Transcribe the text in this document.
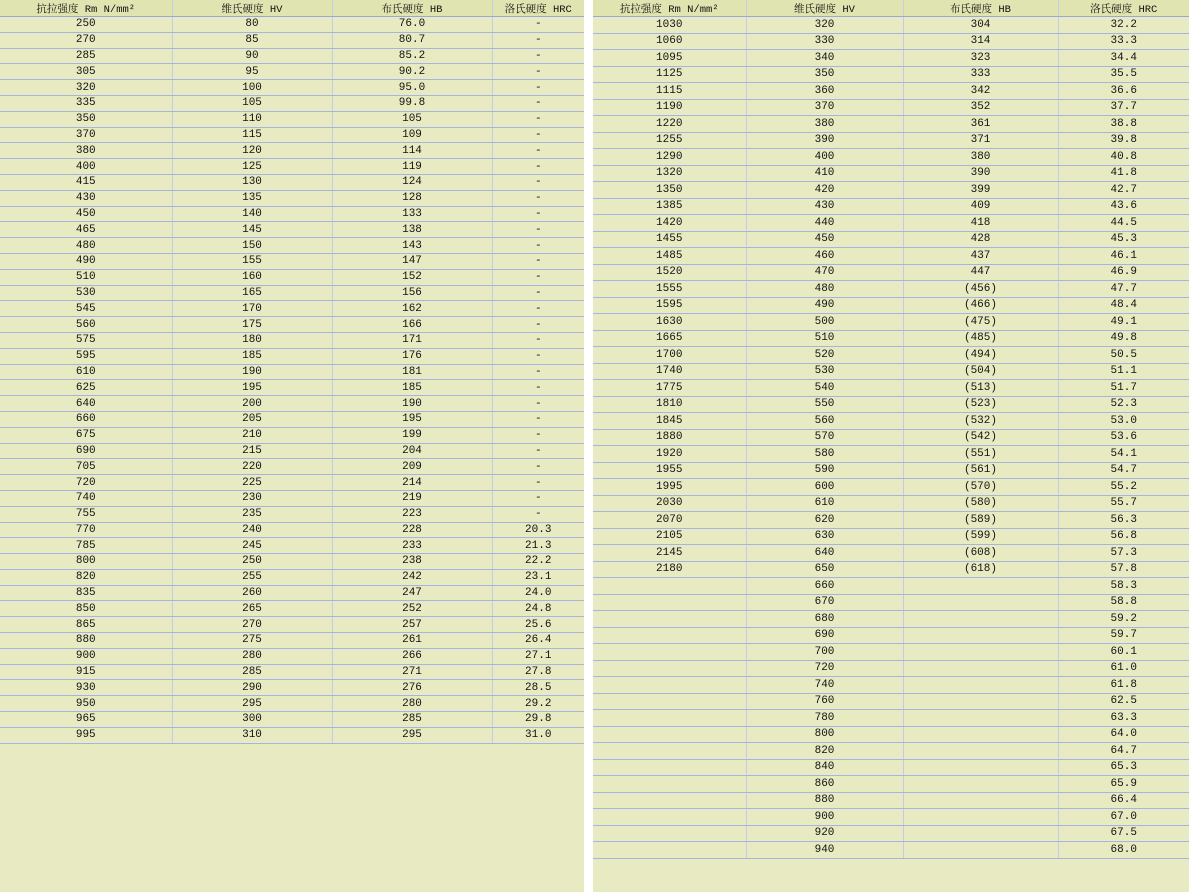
抗拉强度 Rm N/mm²	维氏硬度 HV	布氏硬度 HB	洛氏硬度 HRC
250	80	76.0	-
270	85	80.7	-
285	90	85.2	-
305	95	90.2	-
320	100	95.0	-
335	105	99.8	-
350	110	105	-
370	115	109	-
380	120	114	-
400	125	119	-
415	130	124	-
430	135	128	-
450	140	133	-
465	145	138	-
480	150	143	-
490	155	147	-
510	160	152	-
530	165	156	-
545	170	162	-
560	175	166	-
575	180	171	-
595	185	176	-
610	190	181	-
625	195	185	-
640	200	190	-
660	205	195	-
675	210	199	-
690	215	204	-
705	220	209	-
720	225	214	-
740	230	219	-
755	235	223	-
770	240	228	20.3
785	245	233	21.3
800	250	238	22.2
820	255	242	23.1
835	260	247	24.0
850	265	252	24.8
865	270	257	25.6
880	275	261	26.4
900	280	266	27.1
915	285	271	27.8
930	290	276	28.5
950	295	280	29.2
965	300	285	29.8
995	310	295	31.0
抗拉强度 Rm N/mm²	维氏硬度 HV	布氏硬度 HB	洛氏硬度 HRC
1030	320	304	32.2
1060	330	314	33.3
1095	340	323	34.4
1125	350	333	35.5
1115	360	342	36.6
1190	370	352	37.7
1220	380	361	38.8
1255	390	371	39.8
1290	400	380	40.8
1320	410	390	41.8
1350	420	399	42.7
1385	430	409	43.6
1420	440	418	44.5
1455	450	428	45.3
1485	460	437	46.1
1520	470	447	46.9
1555	480	(456)	47.7
1595	490	(466)	48.4
1630	500	(475)	49.1
1665	510	(485)	49.8
1700	520	(494)	50.5
1740	530	(504)	51.1
1775	540	(513)	51.7
1810	550	(523)	52.3
1845	560	(532)	53.0
1880	570	(542)	53.6
1920	580	(551)	54.1
1955	590	(561)	54.7
1995	600	(570)	55.2
2030	610	(580)	55.7
2070	620	(589)	56.3
2105	630	(599)	56.8
2145	640	(608)	57.3
2180	650	(618)	57.8
	660		58.3
	670		58.8
	680		59.2
	690		59.7
	700		60.1
	720		61.0
	740		61.8
	760		62.5
	780		63.3
	800		64.0
	820		64.7
	840		65.3
	860		65.9
	880		66.4
	900		67.0
	920		67.5
	940		68.0
